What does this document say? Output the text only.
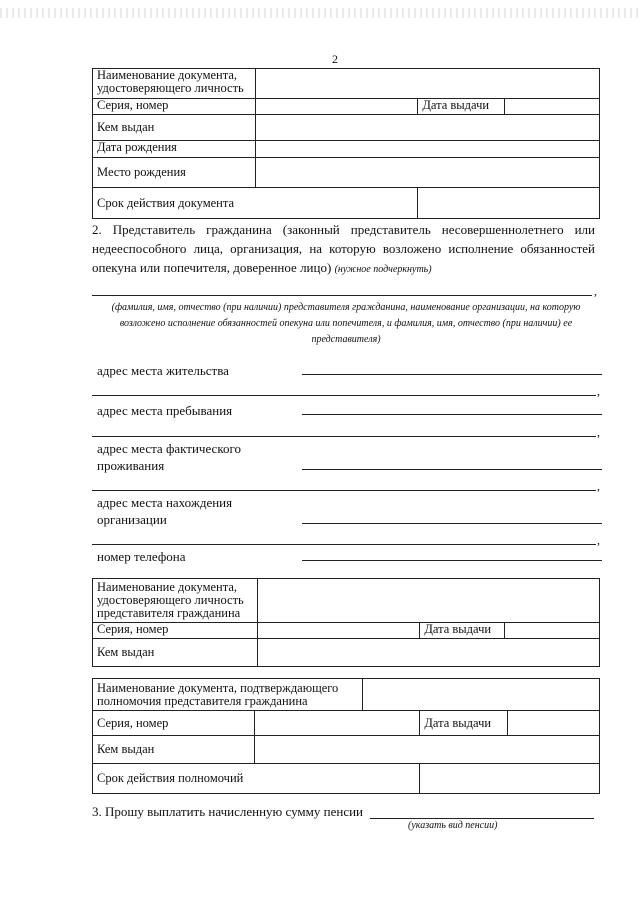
2
Наименование документа, удостоверяющего личность			
Серия, номер		Дата выдачи	
Кем выдан			
Дата рождения			
Место рождения			
Срок действия документа			
2. Представитель гражданина (законный представитель несовершеннолетнего или недееспособного лица, организация, на которую возложено исполнение обязанностей опекуна или попечителя, доверенное лицо) (нужное подчеркнуть)
,
(фамилия, имя, отчество (при наличии) представителя гражданина, наименование организации, на которую возложено исполнение обязанностей опекуна или попечителя, и фамилия, имя, отчество (при наличии) ее представителя)
адрес места жительства
,
адрес места пребывания
,
адрес места фактического
проживания
,
адрес места нахождения
организации
,
номер телефона
Наименование документа,
удостоверяющего личность
представителя гражданина			

Серия, номер		Дата выдачи	
Кем выдан			
Наименование документа, подтверждающего полномочия представителя гражданина				
Серия, номер			Дата выдачи	
Кем выдан				
Срок действия полномочий				
3. Прошу выплатить начисленную сумму пенсии
(указать вид пенсии)
